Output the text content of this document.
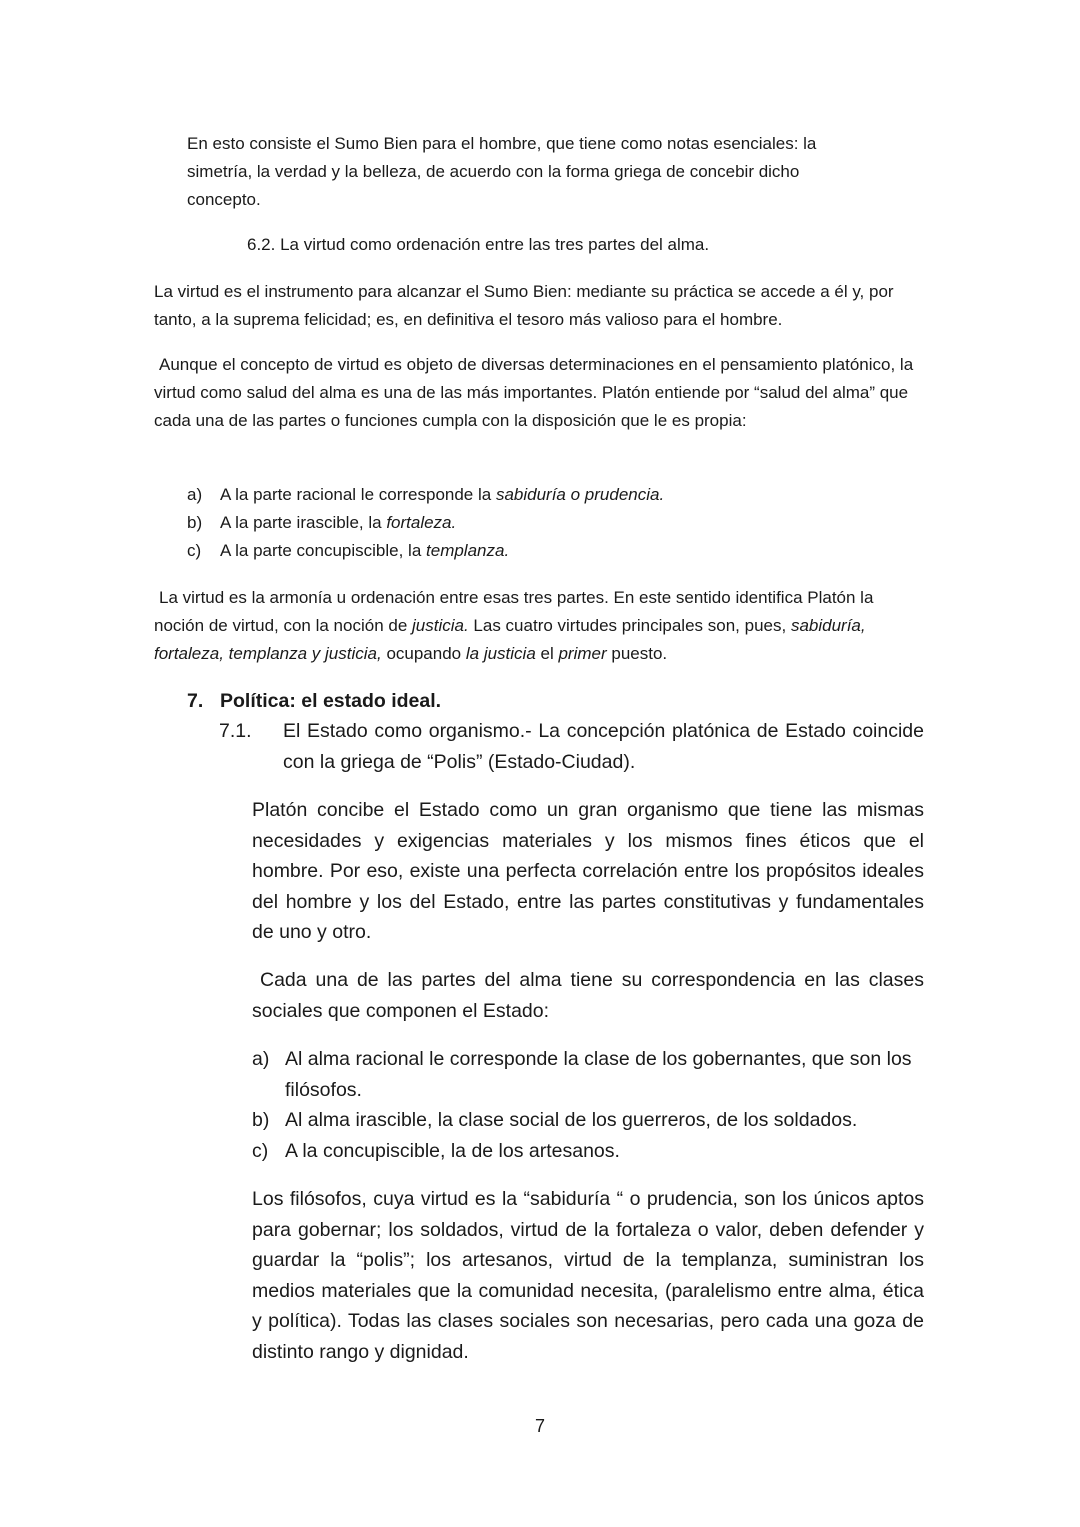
En esto consiste el Sumo Bien para el hombre, que tiene como notas esenciales: la simetría, la verdad y la belleza, de acuerdo con la forma griega de concebir dicho concepto.

6.2. La virtud como ordenación entre las tres partes del alma.

La virtud es el instrumento para alcanzar el Sumo Bien: mediante su práctica se accede a él y, por tanto, a la suprema felicidad; es, en definitiva el tesoro más valioso para el hombre.

Aunque el concepto de virtud es objeto de diversas determinaciones en el pensamiento platónico, la virtud como salud del alma es una de las más importantes. Platón entiende por “salud del alma” que cada una de las partes o funciones cumpla con la disposición que le es propia:

a)	A la parte racional le corresponde la sabiduría o prudencia.
b)	A la parte irascible, la fortaleza.
c)	A la parte concupiscible, la templanza.

La virtud es la armonía u ordenación entre esas tres partes. En este sentido identifica Platón la noción de virtud, con la noción de justicia. Las cuatro virtudes principales son, pues, sabiduría, fortaleza, templanza y justicia, ocupando la justicia el primer puesto.

7. Política: el estado ideal.
7.1.	El Estado como organismo.- La concepción platónica de Estado coincide con la griega de “Polis” (Estado-Ciudad).

Platón concibe el Estado como un gran organismo que tiene las mismas necesidades y exigencias materiales y los mismos fines éticos que el hombre. Por eso, existe una perfecta correlación entre los propósitos ideales del hombre y los del Estado, entre las partes constitutivas y fundamentales de uno y otro.

Cada una de las partes del alma tiene su correspondencia en las clases sociales que componen el Estado:

a) Al alma racional le corresponde la clase de los gobernantes, que son los filósofos.
b) Al alma irascible, la clase social de los guerreros, de los soldados.
c) A la concupiscible, la de los artesanos.

Los filósofos, cuya virtud es la “sabiduría “ o prudencia, son los únicos aptos para gobernar; los soldados, virtud de la fortaleza o valor, deben defender y guardar la “polis”; los artesanos, virtud de la templanza, suministran los medios materiales que la comunidad necesita, (paralelismo entre alma, ética y política). Todas las clases sociales son necesarias, pero cada una goza de distinto rango y dignidad.

7
